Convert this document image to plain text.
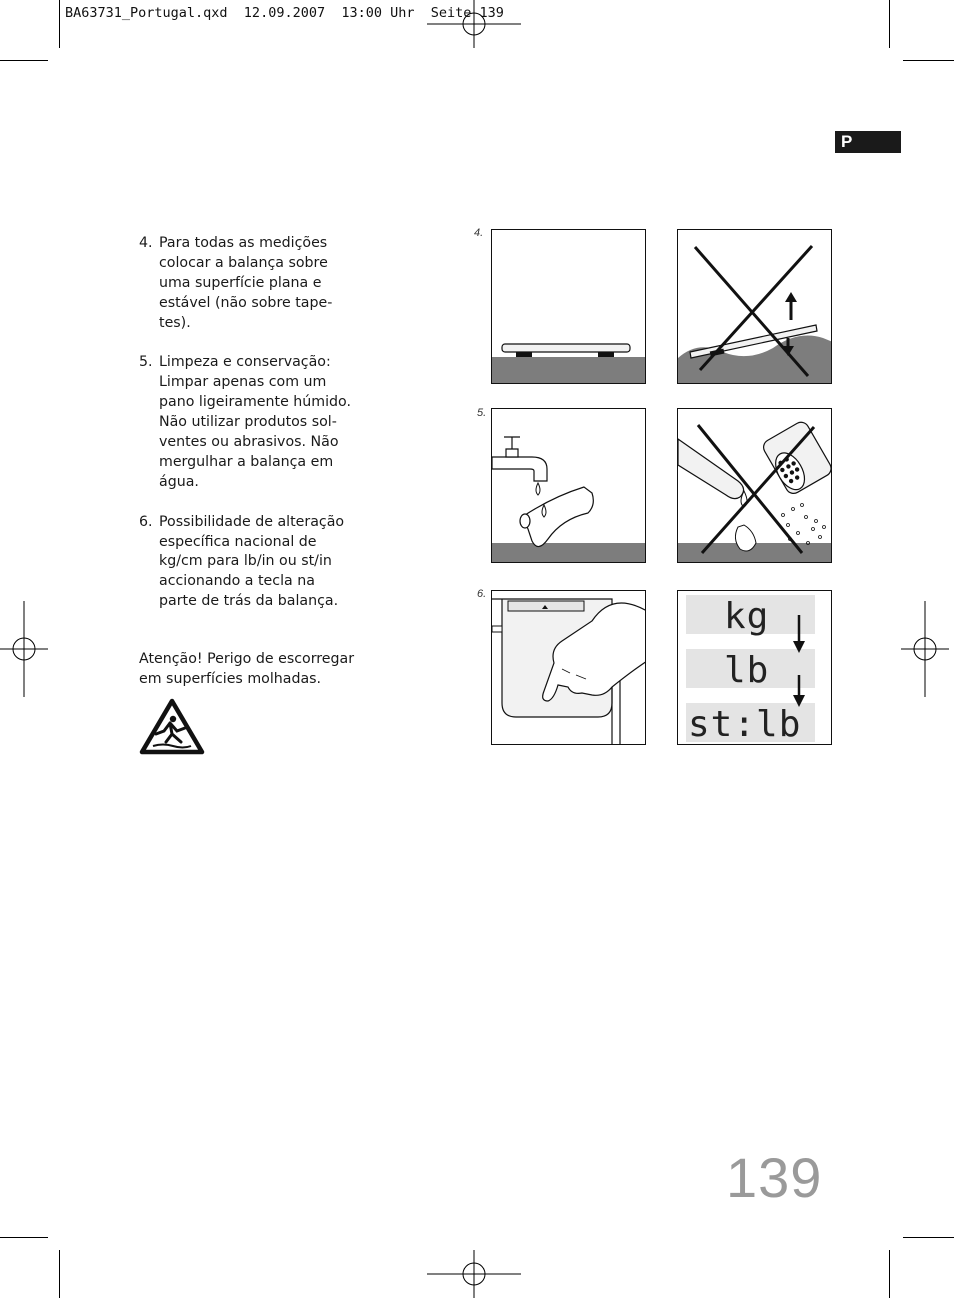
BA63731_Portugal.qxd  12.09.2007  13:00 Uhr  Seite 139
P
4. Para todas as medições
colocar a balança sobre
uma superfície plana e
estável (não sobre tape-
tes).
5. Limpeza e conservação:
Limpar apenas com um
pano ligeiramente húmido.
Não utilizar produtos sol-
ventes ou abrasivos. Não
mergulhar a balança em
água.
6. Possibilidade de alteração
específica nacional de
kg/cm para lb/in ou st/in
accionando a tecla na
parte de trás da balança.
Atenção! Perigo de escorregar
em superfícies molhadas.
4.
5.
6.
kg
lb
st:lb
139
